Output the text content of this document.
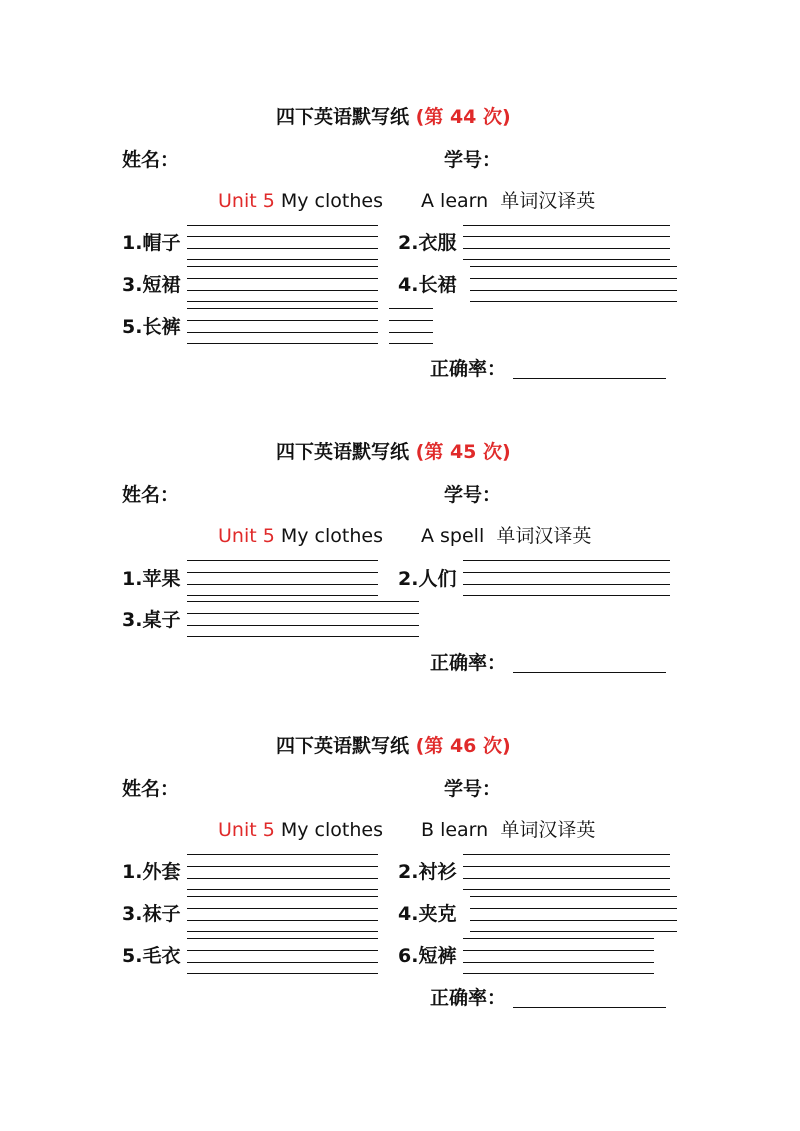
四下英语默写纸 (第 44 次)
姓名：	学号：
Unit 5 My clothes A learn 单词汉译英
1.帽子	2.衣服
3.短裙	4.长裙
5.长裤
正确率：
四下英语默写纸 (第 45 次)
姓名：	学号：
Unit 5 My clothes A spell 单词汉译英
1.苹果	2.人们
3.桌子
正确率：
四下英语默写纸 (第 46 次)
姓名：	学号：
Unit 5 My clothes B learn 单词汉译英
1.外套	2.衬衫
3.袜子	4.夹克
5.毛衣	6.短裤
正确率：
